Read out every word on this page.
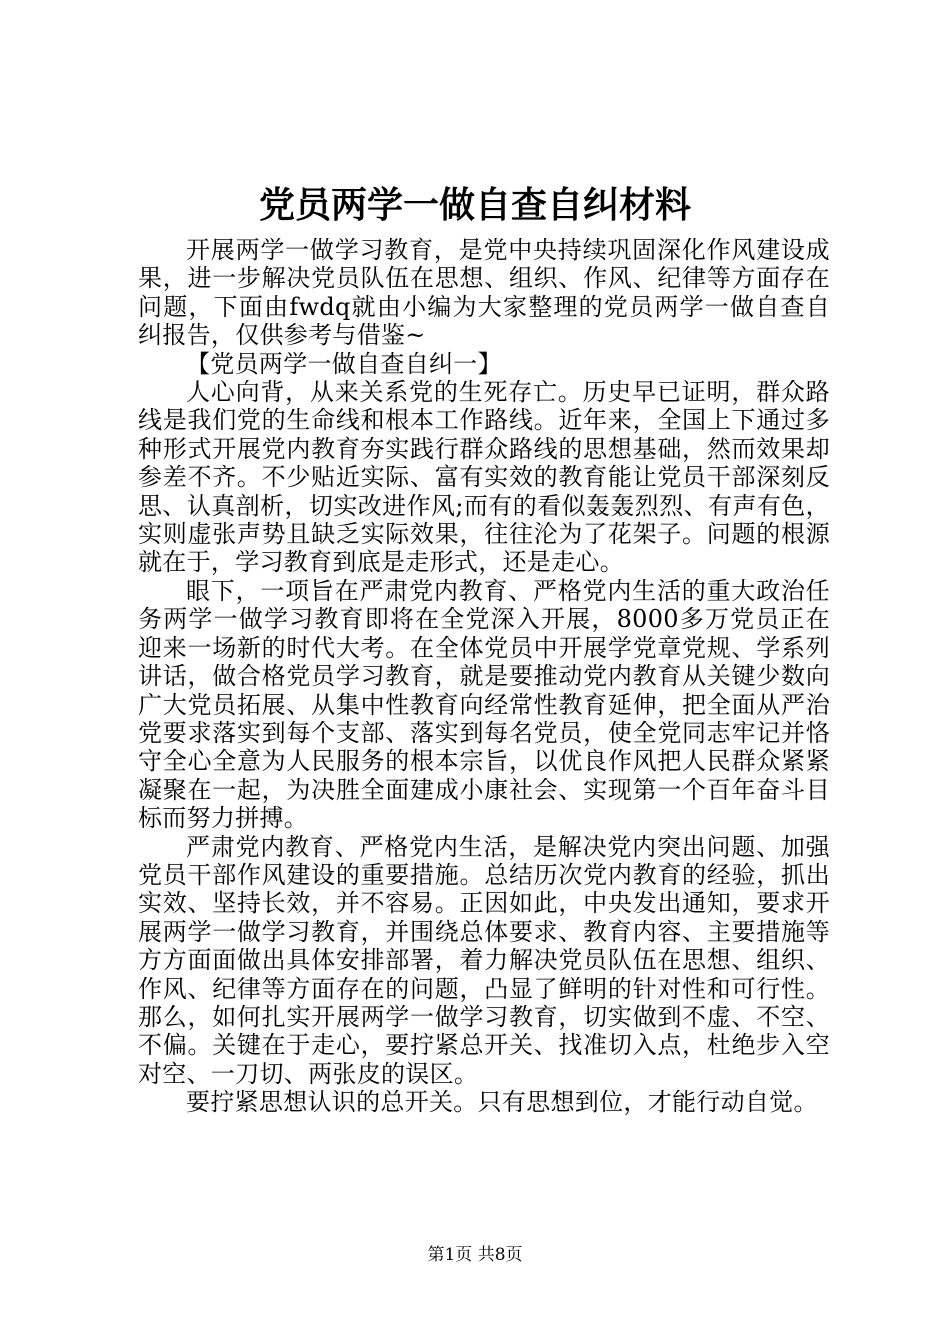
党员两学一做自查自纠材料

开展两学一做学习教育，是党中央持续巩固深化作风建设成果，进一步解决党员队伍在思想、组织、作风、纪律等方面存在问题，下面由fwdq就由小编为大家整理的党员两学一做自查自纠报告，仅供参考与借鉴~

【党员两学一做自查自纠一】

人心向背，从来关系党的生死存亡。历史早已证明，群众路线是我们党的生命线和根本工作路线。近年来，全国上下通过多种形式开展党内教育夯实践行群众路线的思想基础，然而效果却参差不齐。不少贴近实际、富有实效的教育能让党员干部深刻反思、认真剖析，切实改进作风;而有的看似轰轰烈烈、有声有色，实则虚张声势且缺乏实际效果，往往沦为了花架子。问题的根源就在于，学习教育到底是走形式，还是走心。

眼下，一项旨在严肃党内教育、严格党内生活的重大政治任务两学一做学习教育即将在全党深入开展，8000多万党员正在迎来一场新的时代大考。在全体党员中开展学党章党规、学系列讲话，做合格党员学习教育，就是要推动党内教育从关键少数向广大党员拓展、从集中性教育向经常性教育延伸，把全面从严治党要求落实到每个支部、落实到每名党员，使全党同志牢记并恪守全心全意为人民服务的根本宗旨，以优良作风把人民群众紧紧凝聚在一起，为决胜全面建成小康社会、实现第一个百年奋斗目标而努力拼搏。

严肃党内教育、严格党内生活，是解决党内突出问题、加强党员干部作风建设的重要措施。总结历次党内教育的经验，抓出实效、坚持长效，并不容易。正因如此，中央发出通知，要求开展两学一做学习教育，并围绕总体要求、教育内容、主要措施等方方面面做出具体安排部署，着力解决党员队伍在思想、组织、作风、纪律等方面存在的问题，凸显了鲜明的针对性和可行性。那么，如何扎实开展两学一做学习教育，切实做到不虚、不空、不偏。关键在于走心，要拧紧总开关、找准切入点，杜绝步入空对空、一刀切、两张皮的误区。

要拧紧思想认识的总开关。只有思想到位，才能行动自觉。

第1页 共8页
